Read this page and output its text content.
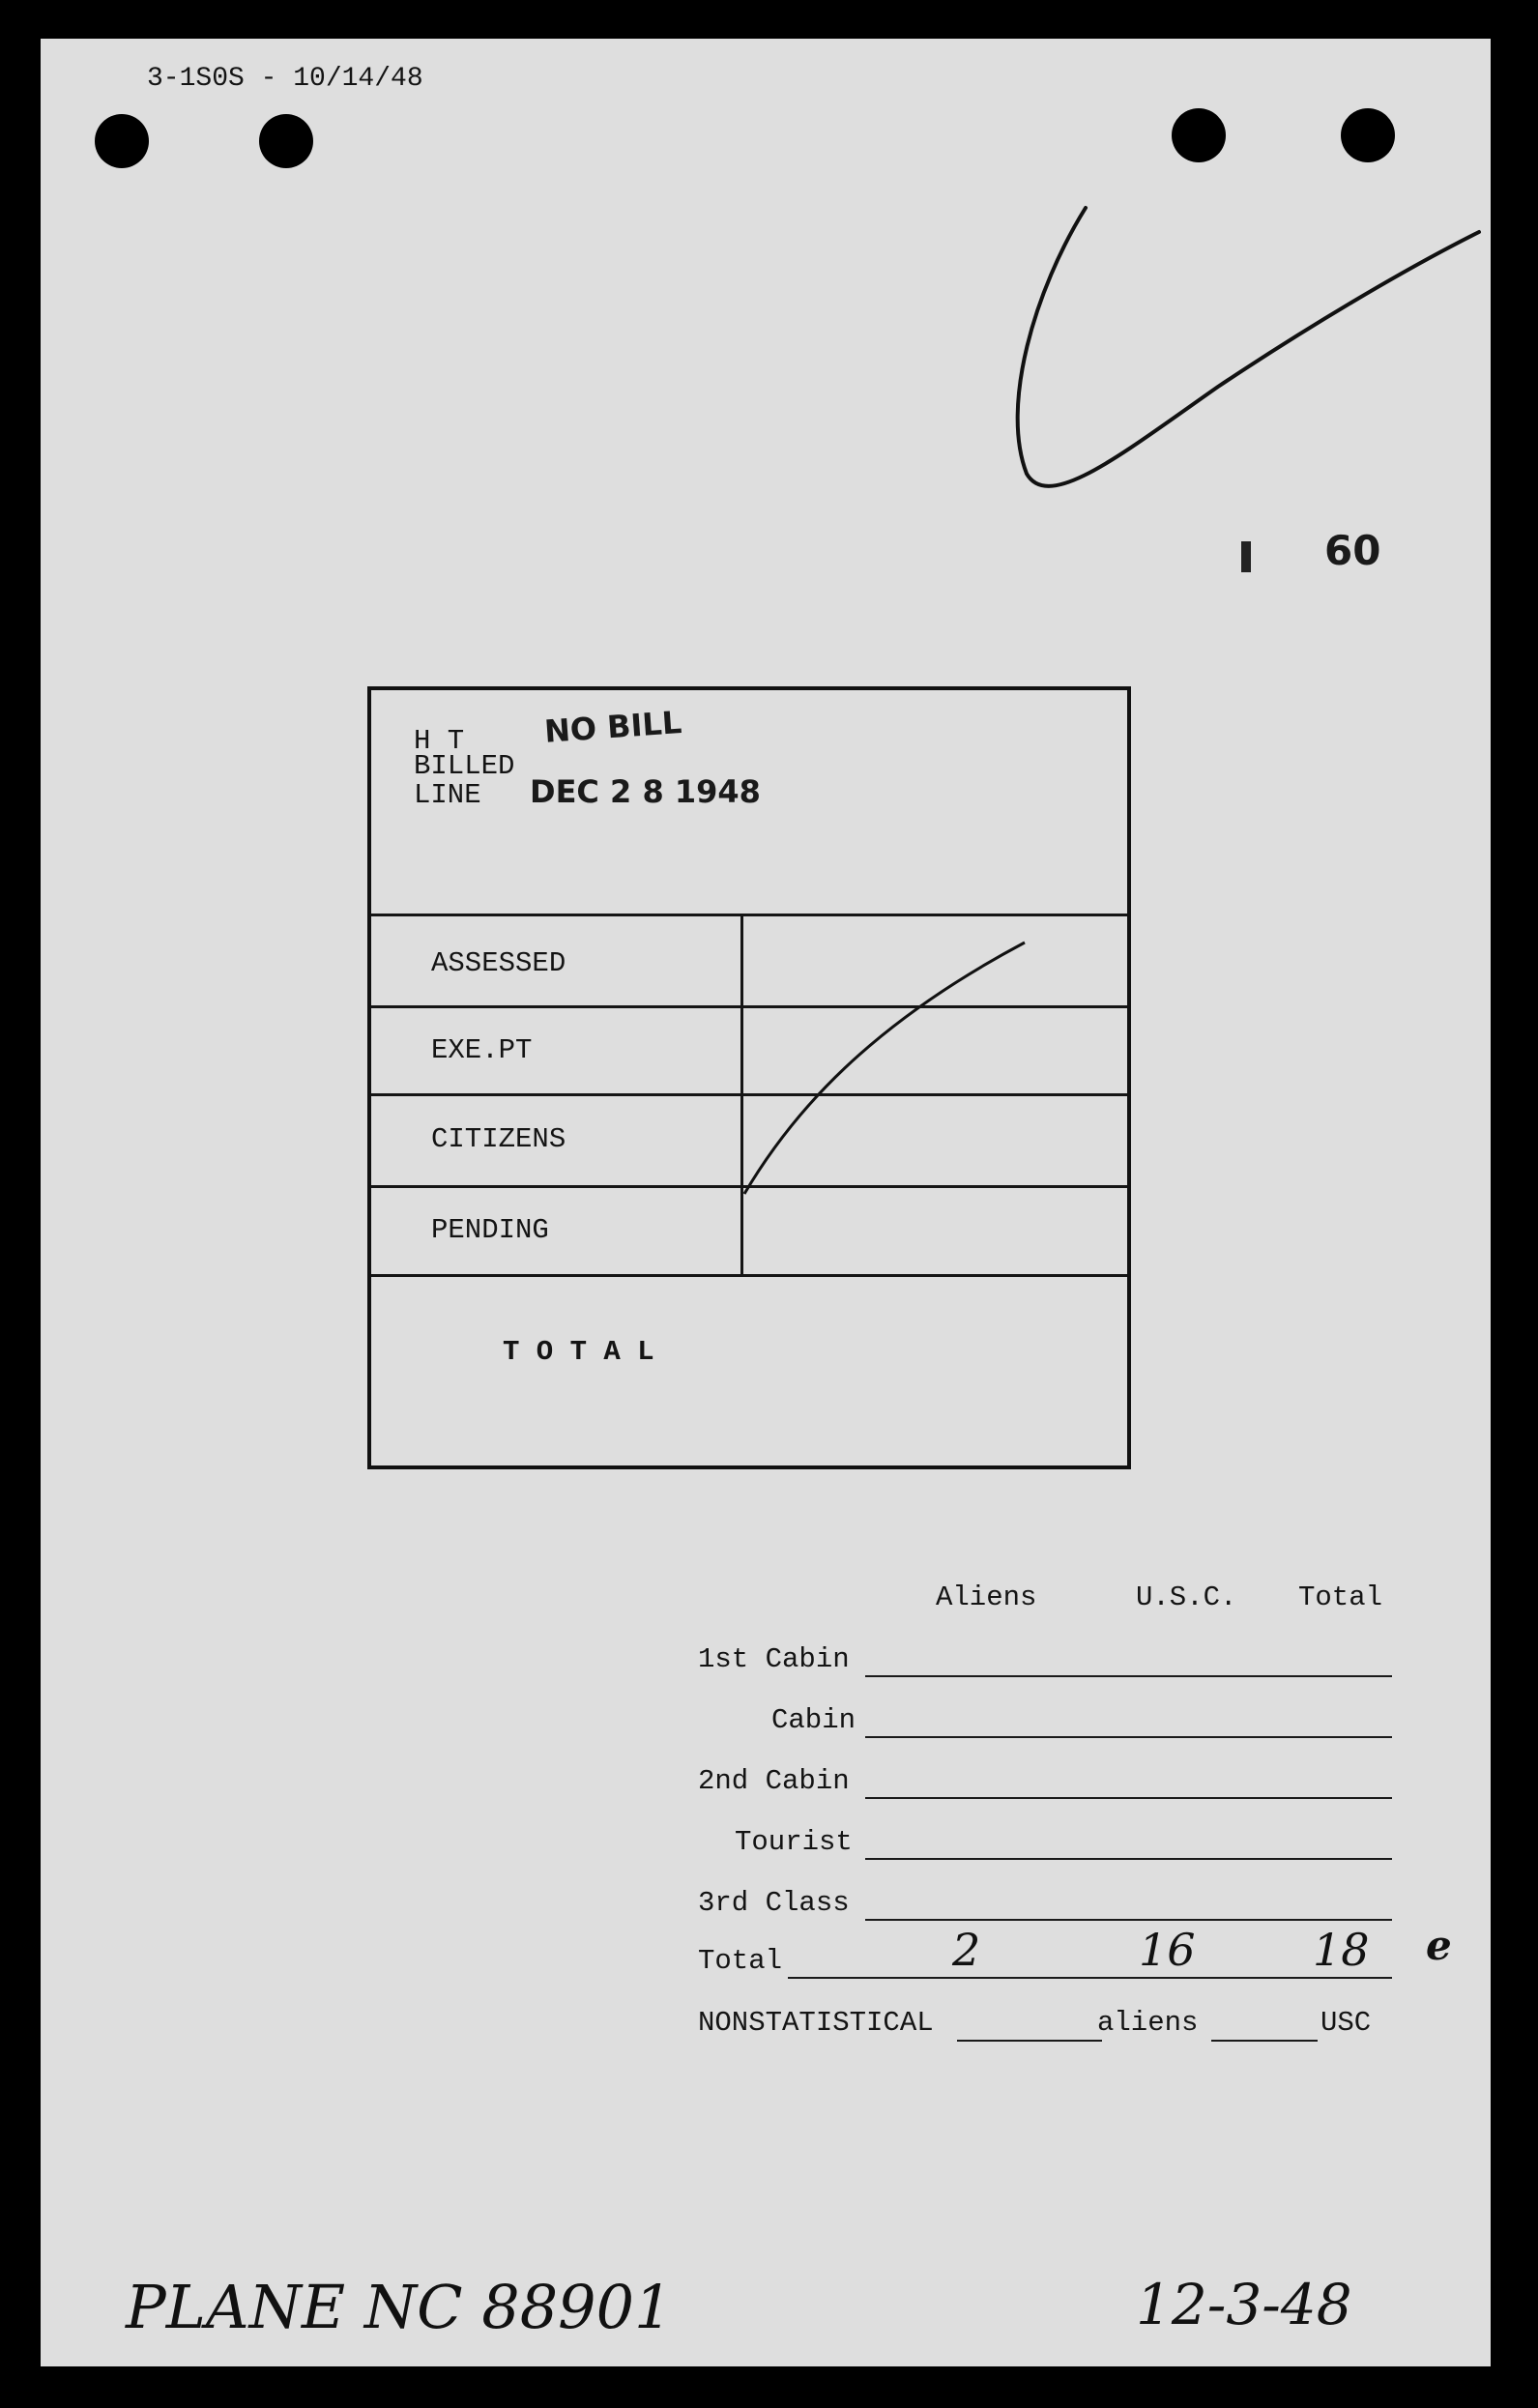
3-1S0S - 10/14/48
60
H T
BILLED
LINE
NO BILL
DEC 2 8 1948
ASSESSED
EXE.PT
CITIZENS
PENDING
T O T A L
Aliens	U.S.C. Total
1st Cabin
Cabin
2nd Cabin
Tourist
3rd Class
Total	2	16	18 e
NONSTATISTICAL	aliens	USC
PLANE NC 88901	12-3-48
